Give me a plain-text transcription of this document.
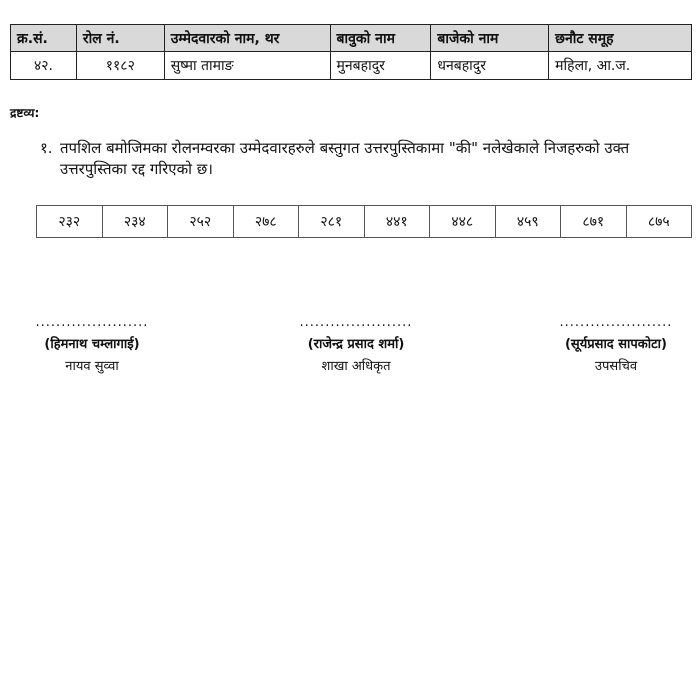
क्र.सं.	रोल नं.	उम्मेदवारको नाम, थर	बावुको नाम	बाजेको नाम	छनौट समूह
४२.	११८२	सुष्मा तामाङ	मुनबहादुर	धनबहादुर	महिला, आ.ज.
द्रष्टव्य:
१. तपशिल बमोजिमका रोलनम्वरका उम्मेदवारहरुले बस्तुगत उत्तरपुस्तिकामा "की" नलेखेकाले निजहरुको उक्त उत्तरपुस्तिका रद्द गरिएको छ।
२३२	२३४	२५२	२७८	२८१	४४१	४४८	४५९	८७१	८७५
......................
(हिमनाथ चम्लागाई)
नायव सुव्वा
......................
(राजेन्द्र प्रसाद शर्मा)
शाखा अधिकृत
......................
(सूर्यप्रसाद सापकोटा)
उपसचिव
